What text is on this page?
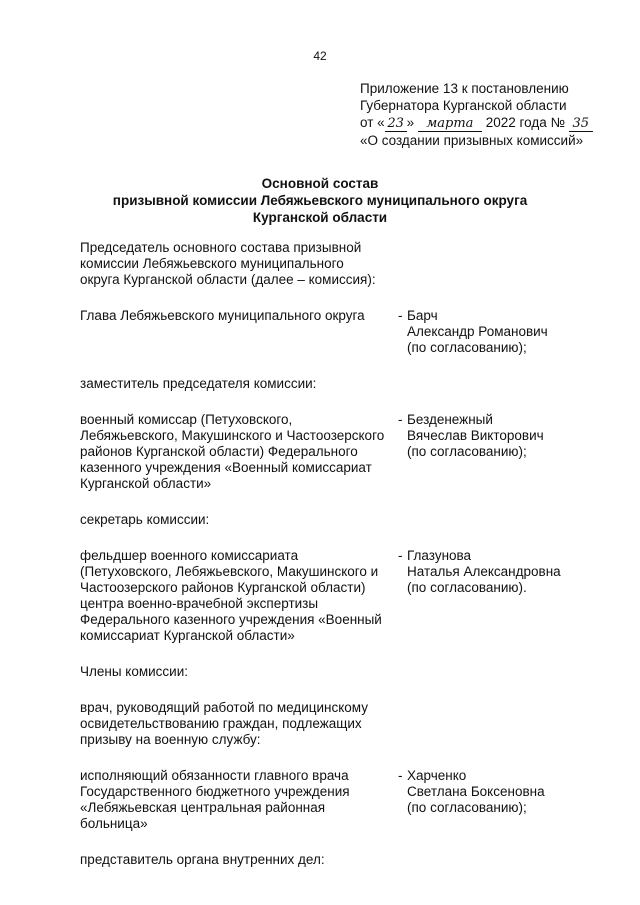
42
Приложение 13 к постановлению
Губернатора Курганской области
от « 23 » марта 2022 года № 35
«О создании призывных комиссий»
Основной состав
призывной комиссии Лебяжьевского муниципального округа
Курганской области
Председатель основного состава призывной
комиссии Лебяжьевского муниципального
округа Курганской области (далее – комиссия):
Глава Лебяжьевского муниципального округа	- Барч
Александр Романович
(по согласованию);
заместитель председателя комиссии:
военный комиссар (Петуховского,
Лебяжьевского, Макушинского и Частоозерского
районов Курганской области) Федерального
казенного учреждения «Военный комиссариат
Курганской области»
- Безденежный
Вячеслав Викторович
(по согласованию);
секретарь комиссии:
фельдшер военного комиссариата
(Петуховского, Лебяжьевского, Макушинского и
Частоозерского районов Курганской области)
центра военно-врачебной экспертизы
Федерального казенного учреждения «Военный
комиссариат Курганской области»
- Глазунова
Наталья Александровна
(по согласованию).
Члены комиссии:
врач, руководящий работой по медицинскому
освидетельствованию граждан, подлежащих
призыву на военную службу:
исполняющий обязанности главного врача
Государственного бюджетного учреждения
«Лебяжьевская центральная районная
больница»
- Харченко
Светлана Боксеновна
(по согласованию);
представитель органа внутренних дел:
